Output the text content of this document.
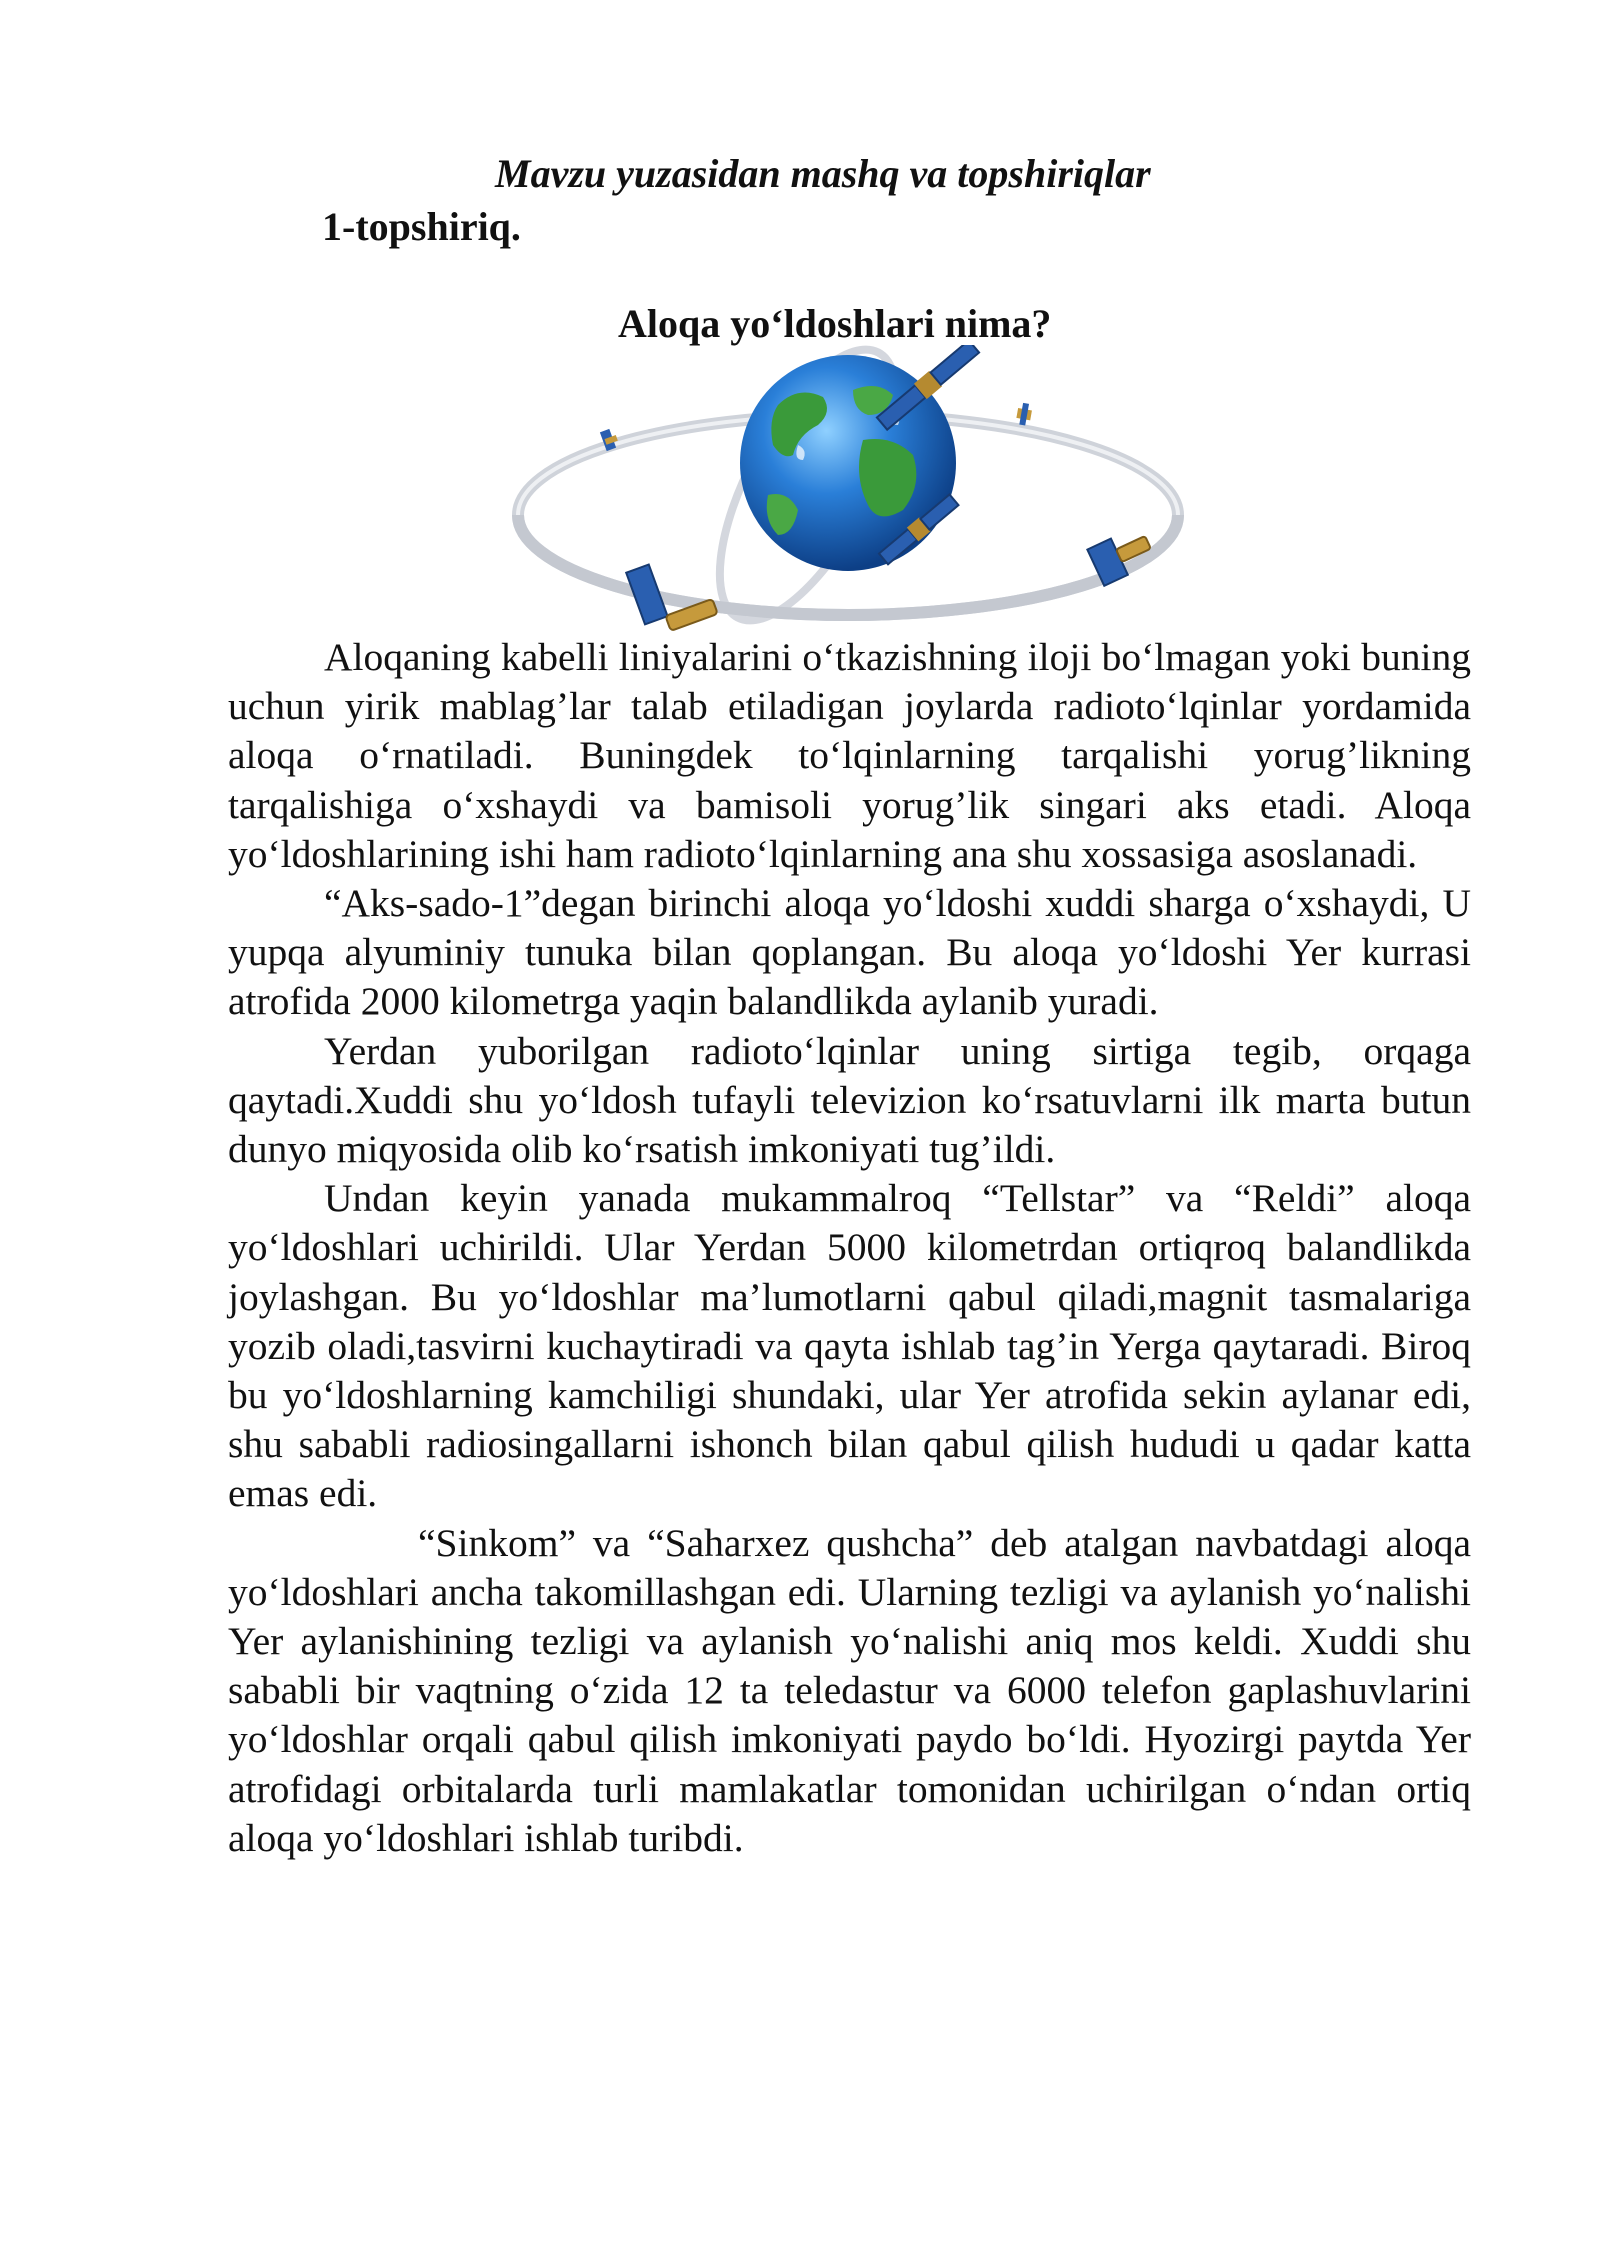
Mavzu yuzasidan mashq va topshiriqlar
1-topshiriq.
Aloqa yo‘ldoshlari nima?

Aloqaning kabelli liniyalarini o‘tkazishning iloji bo‘lmagan yoki buning uchun yirik mablag’lar talab etiladigan joylarda radioto‘lqinlar yordamida aloqa o‘rnatiladi. Buningdek to‘lqinlarning tarqalishi yorug’likning tarqalishiga o‘xshaydi va bamisoli yorug’lik singari aks etadi. Aloqa yo‘ldoshlarining ishi ham radioto‘lqinlarning ana shu xossasiga asoslanadi.

“Aks-sado-1”degan birinchi aloqa yo‘ldoshi xuddi sharga o‘xshaydi, U yupqa alyuminiy tunuka bilan qoplangan. Bu aloqa yo‘ldoshi Yer kurrasi atrofida 2000 kilometrga yaqin balandlikda aylanib yuradi.

Yerdan yuborilgan radioto‘lqinlar uning sirtiga tegib, orqaga qaytadi.Xuddi shu yo‘ldosh tufayli televizion ko‘rsatuvlarni ilk marta butun dunyo miqyosida olib ko‘rsatish imkoniyati tug’ildi.

Undan keyin yanada mukammalroq “Tellstar” va “Reldi” aloqa yo‘ldoshlari uchirildi. Ular Yerdan 5000 kilometrdan ortiqroq balandlikda joylashgan. Bu yo‘ldoshlar ma’lumotlarni qabul qiladi,magnit tasmalariga yozib oladi,tasvirni kuchaytiradi va qayta ishlab tag’in Yerga qaytaradi. Biroq bu yo‘ldoshlarning kamchiligi shundaki, ular Yer atrofida sekin aylanar edi, shu sababli radiosingallarni ishonch bilan qabul qilish hududi u qadar katta emas edi.

“Sinkom” va “Saharxez qushcha” deb atalgan navbatdagi aloqa yo‘ldoshlari ancha takomillashgan edi. Ularning tezligi va aylanish yo‘nalishi Yer aylanishining tezligi va aylanish yo‘nalishi aniq mos keldi. Xuddi shu sababli bir vaqtning o‘zida 12 ta teledastur va 6000 telefon gaplashuvlarini yo‘ldoshlar orqali qabul qilish imkoniyati paydo bo‘ldi. Hyozirgi paytda Yer atrofidagi orbitalarda turli mamlakatlar tomonidan uchirilgan o‘ndan ortiq aloqa yo‘ldoshlari ishlab turibdi.
